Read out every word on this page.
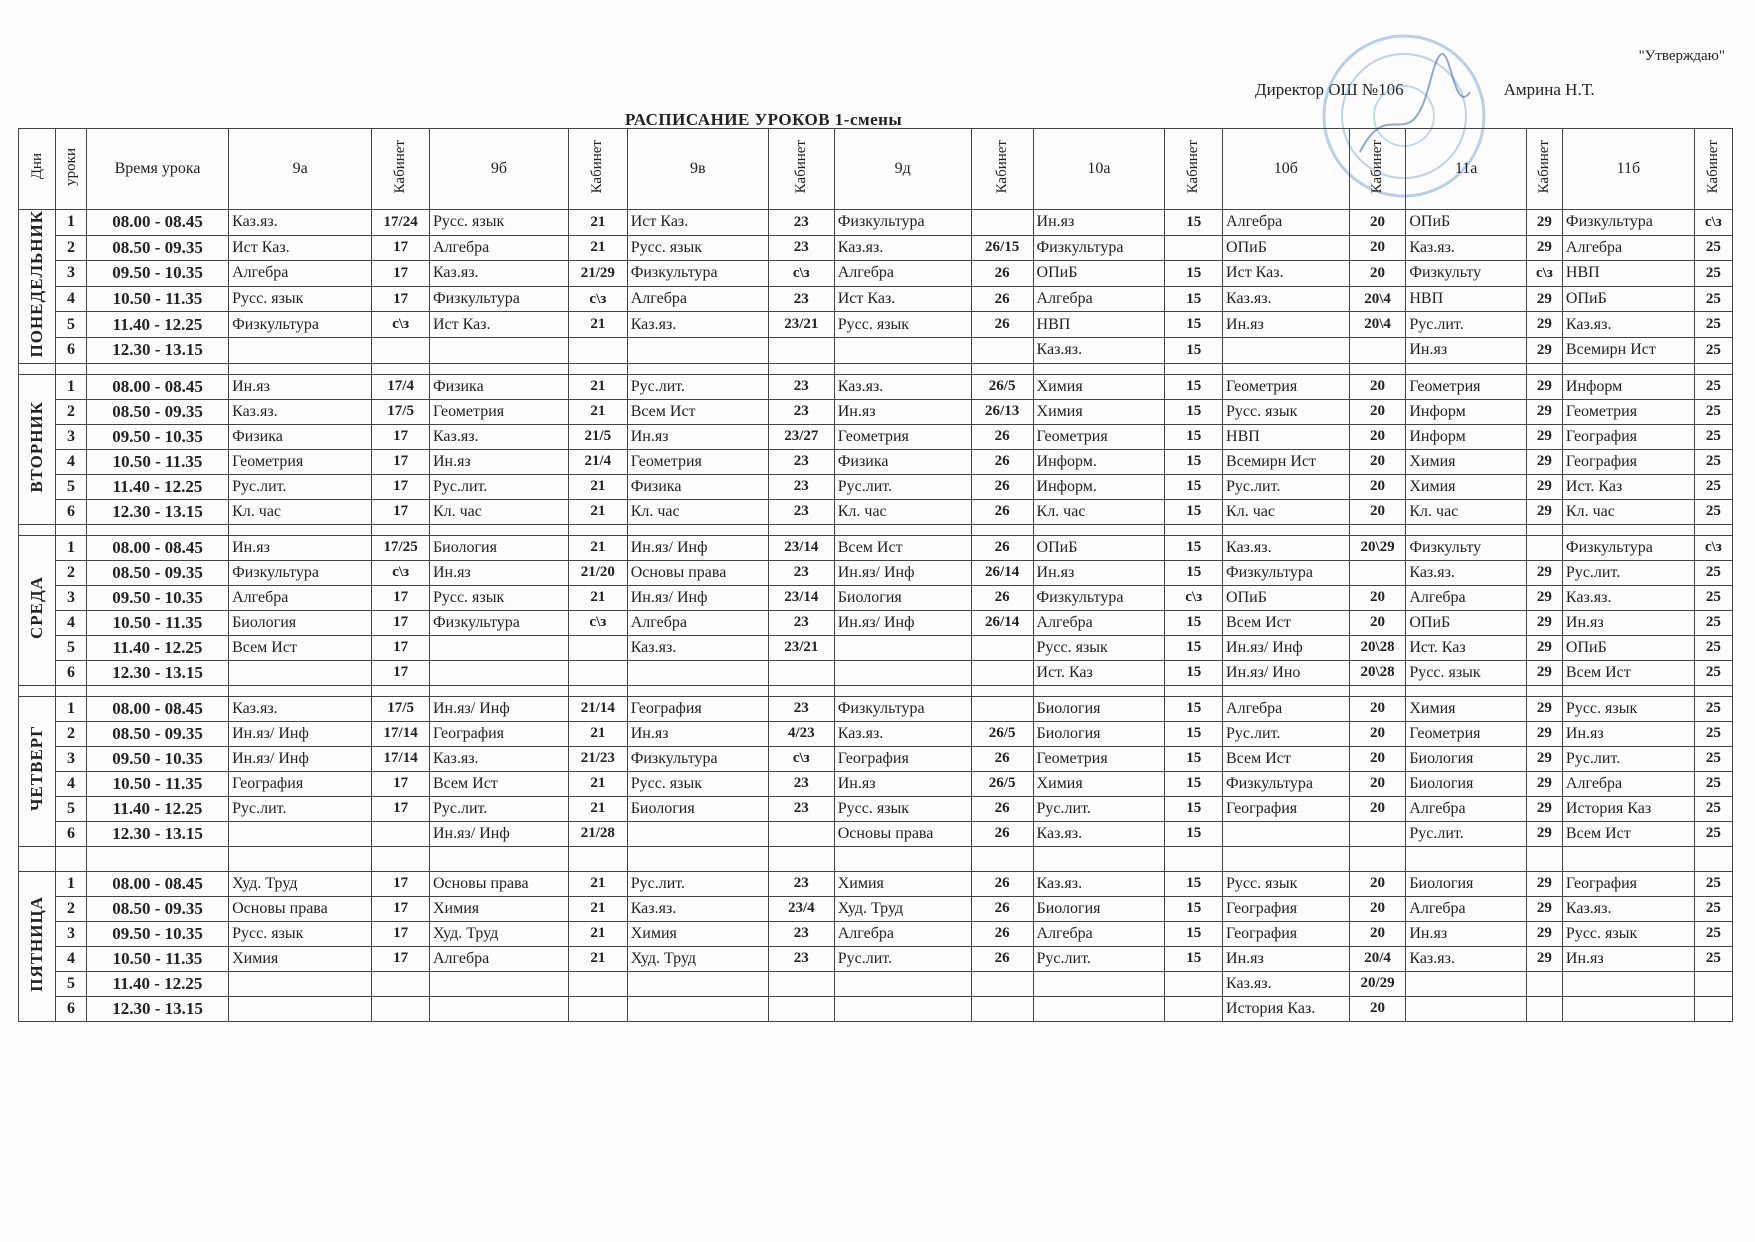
"Утверждаю"
Директор ОШ №106	Амрина Н.Т.
РАСПИСАНИЕ УРОКОВ 1-смены
Дни	уроки	Время урока	9а	Кабинет	9б	Кабинет	9в	Кабинет	9д	Кабинет	10а	Кабинет	10б	Кабинет	11а	Кабинет	11б	Кабинет
ПОНЕДЕЛЬНИК	1	08.00 - 08.45	Каз.яз.	17/24	Русс. язык	21	Ист Каз.	23	Физкультура		Ин.яз	15	Алгебра	20	ОПиБ	29	Физкультура	с\з
	2	08.50 - 09.35	Ист Каз.	17	Алгебра	21	Русс. язык	23	Каз.яз.	26/15	Физкультура		ОПиБ	20	Каз.яз.	29	Алгебра	25
	3	09.50 - 10.35	Алгебра	17	Каз.яз.	21/29	Физкультура	с\з	Алгебра	26	ОПиБ	15	Ист Каз.	20	Физкульту	с\з	НВП	25
	4	10.50 - 11.35	Русс. язык	17	Физкультура	с\з	Алгебра	23	Ист Каз.	26	Алгебра	15	Каз.яз.	20\4	НВП	29	ОПиБ	25
	5	11.40 - 12.25	Физкультура	с\з	Ист Каз.	21	Каз.яз.	23/21	Русс. язык	26	НВП	15	Ин.яз	20\4	Рус.лит.	29	Каз.яз.	25
	6	12.30 - 13.15									Каз.яз.	15			Ин.яз	29	Всемирн Ист	25

ВТОРНИК	1	08.00 - 08.45	Ин.яз	17/4	Физика	21	Рус.лит.	23	Каз.яз.	26/5	Химия	15	Геометрия	20	Геометрия	29	Информ	25
	2	08.50 - 09.35	Каз.яз.	17/5	Геометрия	21	Всем Ист	23	Ин.яз	26/13	Химия	15	Русс. язык	20	Информ	29	Геометрия	25
	3	09.50 - 10.35	Физика	17	Каз.яз.	21/5	Ин.яз	23/27	Геометрия	26	Геометрия	15	НВП	20	Информ	29	География	25
	4	10.50 - 11.35	Геометрия	17	Ин.яз	21/4	Геометрия	23	Физика	26	Информ.	15	Всемирн Ист	20	Химия	29	География	25
	5	11.40 - 12.25	Рус.лит.	17	Рус.лит.	21	Физика	23	Рус.лит.	26	Информ.	15	Рус.лит.	20	Химия	29	Ист. Каз	25
	6	12.30 - 13.15	Кл. час	17	Кл. час	21	Кл. час	23	Кл. час	26	Кл. час	15	Кл. час	20	Кл. час	29	Кл. час	25

СРЕДА	1	08.00 - 08.45	Ин.яз	17/25	Биология	21	Ин.яз/ Инф	23/14	Всем Ист	26	ОПиБ	15	Каз.яз.	20\29	Физкульту		Физкультура	с\з
	2	08.50 - 09.35	Физкультура	с\з	Ин.яз	21/20	Основы права	23	Ин.яз/ Инф	26/14	Ин.яз	15	Физкультура		Каз.яз.	29	Рус.лит.	25
	3	09.50 - 10.35	Алгебра	17	Русс. язык	21	Ин.яз/ Инф	23/14	Биология	26	Физкультура	с\з	ОПиБ	20	Алгебра	29	Каз.яз.	25
	4	10.50 - 11.35	Биология	17	Физкультура	с\з	Алгебра	23	Ин.яз/ Инф	26/14	Алгебра	15	Всем Ист	20	ОПиБ	29	Ин.яз	25
	5	11.40 - 12.25	Всем Ист	17			Каз.яз.	23/21			Русс. язык	15	Ин.яз/ Инф	20\28	Ист. Каз	29	ОПиБ	25
	6	12.30 - 13.15		17							Ист. Каз	15	Ин.яз/ Ино	20\28	Русс. язык	29	Всем Ист	25

ЧЕТВЕРГ	1	08.00 - 08.45	Каз.яз.	17/5	Ин.яз/ Инф	21/14	География	23	Физкультура		Биология	15	Алгебра	20	Химия	29	Русс. язык	25
	2	08.50 - 09.35	Ин.яз/ Инф	17/14	География	21	Ин.яз	4/23	Каз.яз.	26/5	Биология	15	Рус.лит.	20	Геометрия	29	Ин.яз	25
	3	09.50 - 10.35	Ин.яз/ Инф	17/14	Каз.яз.	21/23	Физкультура	с\з	География	26	Геометрия	15	Всем Ист	20	Биология	29	Рус.лит.	25
	4	10.50 - 11.35	География	17	Всем Ист	21	Русс. язык	23	Ин.яз	26/5	Химия	15	Физкультура	20	Биология	29	Алгебра	25
	5	11.40 - 12.25	Рус.лит.	17	Рус.лит.	21	Биология	23	Русс. язык	26	Рус.лит.	15	География	20	Алгебра	29	История Каз	25
	6	12.30 - 13.15			Ин.яз/ Инф	21/28			Основы права	26	Каз.яз.	15			Рус.лит.	29	Всем Ист	25

ПЯТНИЦА	1	08.00 - 08.45	Худ. Труд	17	Основы права	21	Рус.лит.	23	Химия	26	Каз.яз.	15	Русс. язык	20	Биология	29	География	25
	2	08.50 - 09.35	Основы права	17	Химия	21	Каз.яз.	23/4	Худ. Труд	26	Биология	15	География	20	Алгебра	29	Каз.яз.	25
	3	09.50 - 10.35	Русс. язык	17	Худ. Труд	21	Химия	23	Алгебра	26	Алгебра	15	География	20	Ин.яз	29	Русс. язык	25
	4	10.50 - 11.35	Химия	17	Алгебра	21	Худ. Труд	23	Рус.лит.	26	Рус.лит.	15	Ин.яз	20/4	Каз.яз.	29	Ин.яз	25
	5	11.40 - 12.25											Каз.яз.	20/29				
	6	12.30 - 13.15											История Каз.	20				
